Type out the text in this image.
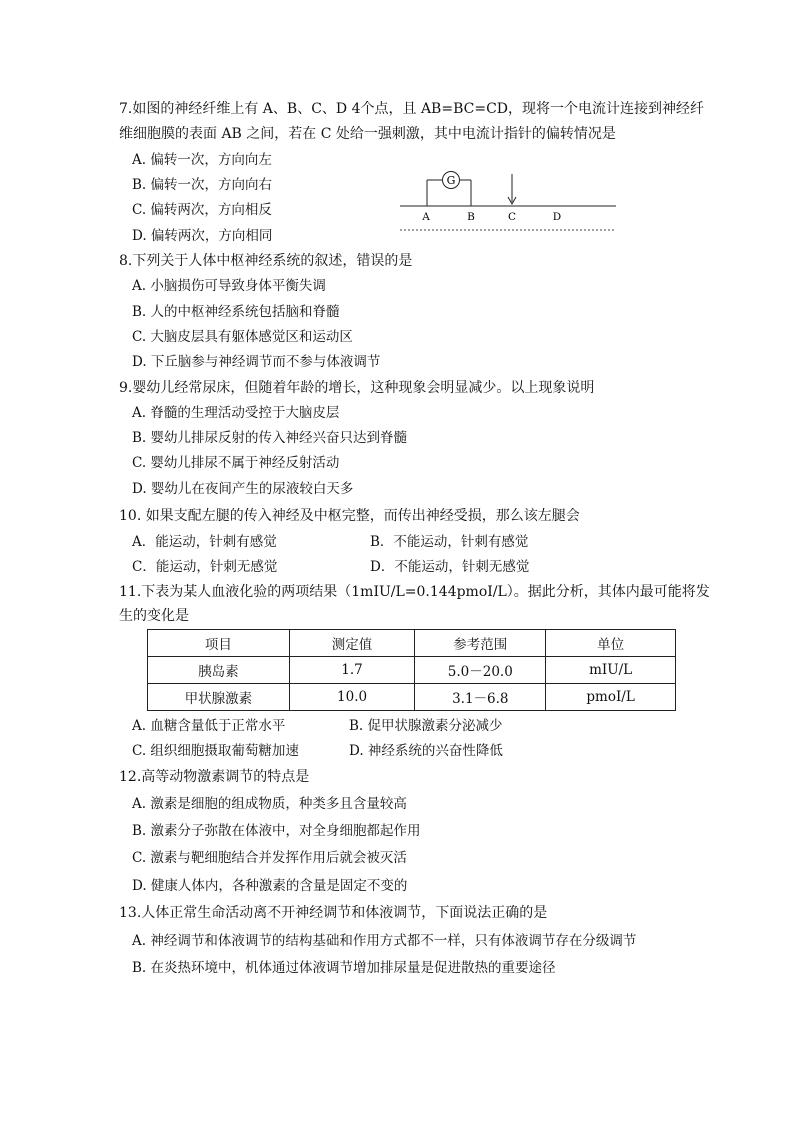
7.如图的神经纤维上有 A、B、C、D 4个点，且 AB=BC=CD，现将一个电流计连接到神经纤
维细胞膜的表面 AB 之间，若在 C 处给一强刺激，其中电流计指针的偏转情况是
A. 偏转一次，方向向左
B. 偏转一次，方向向右
C. 偏转两次，方向相反
D. 偏转两次，方向相同
G
A	B	C	D
8.下列关于人体中枢神经系统的叙述，错误的是
A. 小脑损伤可导致身体平衡失调
B. 人的中枢神经系统包括脑和脊髓
C. 大脑皮层具有躯体感觉区和运动区
D. 下丘脑参与神经调节而不参与体液调节
9.婴幼儿经常尿床，但随着年龄的增长，这种现象会明显减少。以上现象说明
A. 脊髓的生理活动受控于大脑皮层
B. 婴幼儿排尿反射的传入神经兴奋只达到脊髓
C. 婴幼儿排尿不属于神经反射活动
D. 婴幼儿在夜间产生的尿液较白天多
10. 如果支配左腿的传入神经及中枢完整，而传出神经受损，那么该左腿会
A．能运动，针刺有感觉	B．不能运动，针刺有感觉
C．能运动，针刺无感觉	D．不能运动，针刺无感觉
11.下表为某人血液化验的两项结果（1mIU/L=0.144pmoI/L）。据此分析，其体内最可能将发
生的变化是
项目	测定值	参考范围	单位
胰岛素	1.7	5.0－20.0	mIU/L
甲状腺激素	10.0	3.1－6.8	pmoI/L
A. 血糖含量低于正常水平	B. 促甲状腺激素分泌减少
C. 组织细胞摄取葡萄糖加速	D. 神经系统的兴奋性降低
12.高等动物激素调节的特点是
A. 激素是细胞的组成物质，种类多且含量较高
B. 激素分子弥散在体液中，对全身细胞都起作用
C. 激素与靶细胞结合并发挥作用后就会被灭活
D. 健康人体内，各种激素的含量是固定不变的
13.人体正常生命活动离不开神经调节和体液调节，下面说法正确的是
A. 神经调节和体液调节的结构基础和作用方式都不一样，只有体液调节存在分级调节
B. 在炎热环境中，机体通过体液调节增加排尿量是促进散热的重要途径
